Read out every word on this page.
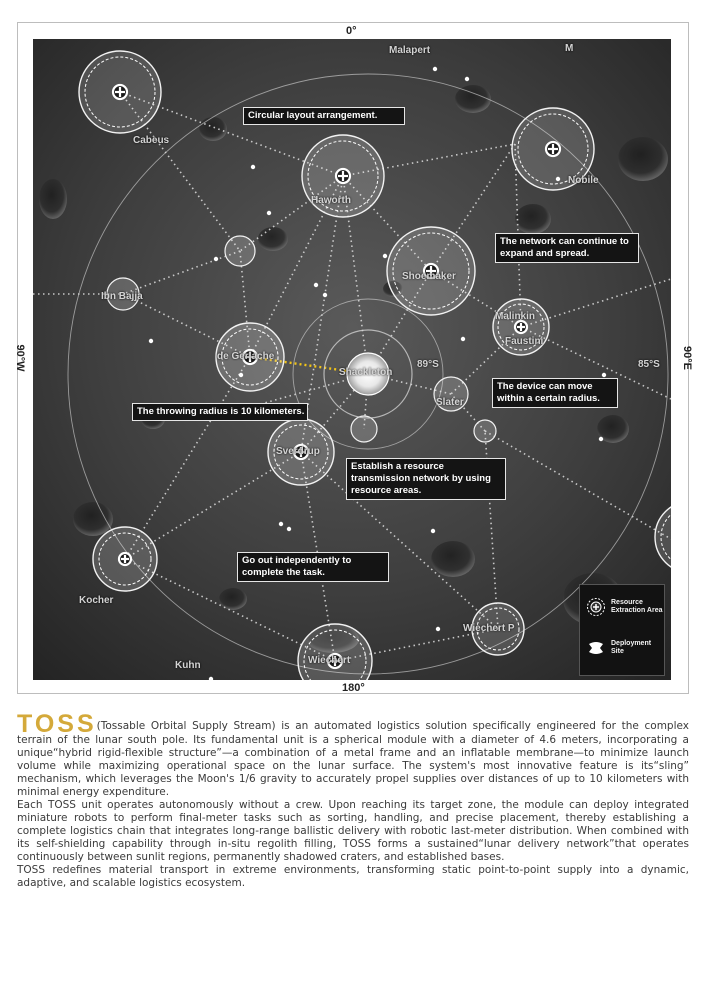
0°
180°
90°W	90°E
Malapert	M
Cabeus
Nobile
Haworth
Shoemaker
Ibn Bajja
Malinkin
Faustini
de Gerlache
Shackleton
Slater
Sverdrup
Kocher
Kuhn	Wiechert
Wiechert P
89°S	85°S
Circular layout arrangement.
The network can continue to expand and spread.
The device can move within a certain radius.
The throwing radius is 10 kilometers.
Establish a resource transmission network by using resource areas.
Go out independently to complete the task.
Resource Extraction Area
Deployment Site

TOSS(Tossable Orbital Supply Stream) is an automated logistics solution specifically engineered for the complex terrain of the lunar south pole. Its fundamental unit is a spherical module with a diameter of 4.6 meters, incorporating a unique“hybrid rigid-flexible structure”—a combination of a metal frame and an inflatable membrane—to minimize launch volume while maximizing operational space on the lunar surface. The system's most innovative feature is its“sling” mechanism, which leverages the Moon's 1/6 gravity to accurately propel supplies over distances of up to 10 kilometers with minimal energy expenditure.

Each TOSS unit operates autonomously without a crew. Upon reaching its target zone, the module can deploy integrated miniature robots to perform final-meter tasks such as sorting, handling, and precise placement, thereby establishing a complete logistics chain that integrates long-range ballistic delivery with robotic last-meter distribution. When combined with its self-shielding capability through in-situ regolith filling, TOSS forms a sustained“lunar delivery network”that operates continuously between sunlit regions, permanently shadowed craters, and established bases.

TOSS redefines material transport in extreme environments, transforming static point-to-point supply into a dynamic, adaptive, and scalable logistics ecosystem.
